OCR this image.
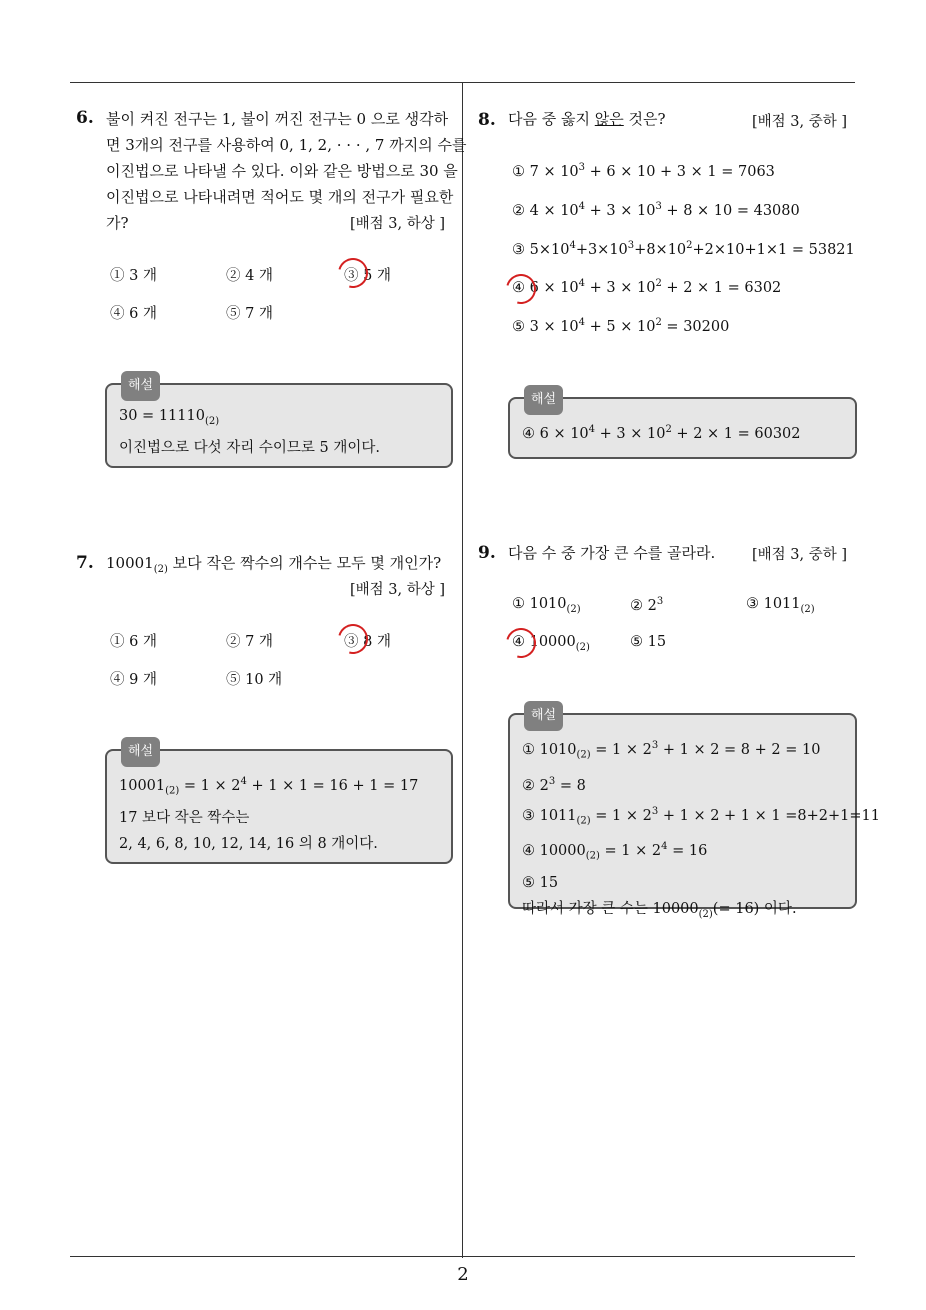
6. 불이 켜진 전구는 1, 불이 꺼진 전구는 0 으로 생각하
면 3개의 전구를 사용하여 0, 1, 2, · · · , 7 까지의 수를
이진법으로 나타낼 수 있다. 이와 같은 방법으로 30 을
이진법으로 나타내려면 적어도 몇 개의 전구가 필요한
가?	[배점 3, 하상 ]
① 3 개	② 4 개	③ 5 개
④ 6 개	⑤ 7 개
해설
$30 = 11110_{(2)}$
이진법으로 다섯 자리 수이므로 5 개이다.
7. $10001_{(2)}$ 보다 작은 짝수의 개수는 모두 몇 개인가?
[배점 3, 하상 ]
① 6 개	② 7 개	③ 8 개
④ 9 개	⑤ 10 개
해설
$10001_{(2)} = 1 \times 2^4 + 1 \times 1 = 16 + 1 = 17$
17 보다 작은 짝수는
2, 4, 6, 8, 10, 12, 14, 16 의 8 개이다.
8. 다음 중 옳지 않은 것은?	[배점 3, 중하 ]
① $7 \times 10^3 + 6 \times 10 + 3 \times 1 = 7063$
② $4 \times 10^4 + 3 \times 10^3 + 8 \times 10 = 43080$
③ $5\times 10^4+3\times 10^3+8\times 10^2+2\times 10+1\times 1 = 53821$
④ $6 \times 10^4 + 3 \times 10^2 + 2 \times 1 = 6302$
⑤ $3 \times 10^4 + 5 \times 10^2 = 30200$
해설
④ $6 \times 10^4 + 3 \times 10^2 + 2 \times 1 = 60302$
9. 다음 수 중 가장 큰 수를 골라라.	[배점 3, 중하 ]
① $1010_{(2)}$	② $2^3$	③ $1011_{(2)}$
④ $10000_{(2)}$	⑤ 15
해설
① $1010_{(2)} = 1 \times 2^3 + 1 \times 2 = 8 + 2 = 10$
② $2^3 = 8$
③ $1011_{(2)} = 1 \times 2^3 + 1 \times 2 + 1 \times 1 =8+2+1=11$
④ $10000_{(2)} = 1 \times 2^4 = 16$
⑤ 15
따라서 가장 큰 수는 $10000_{(2)}(= 16)$ 이다.
2
